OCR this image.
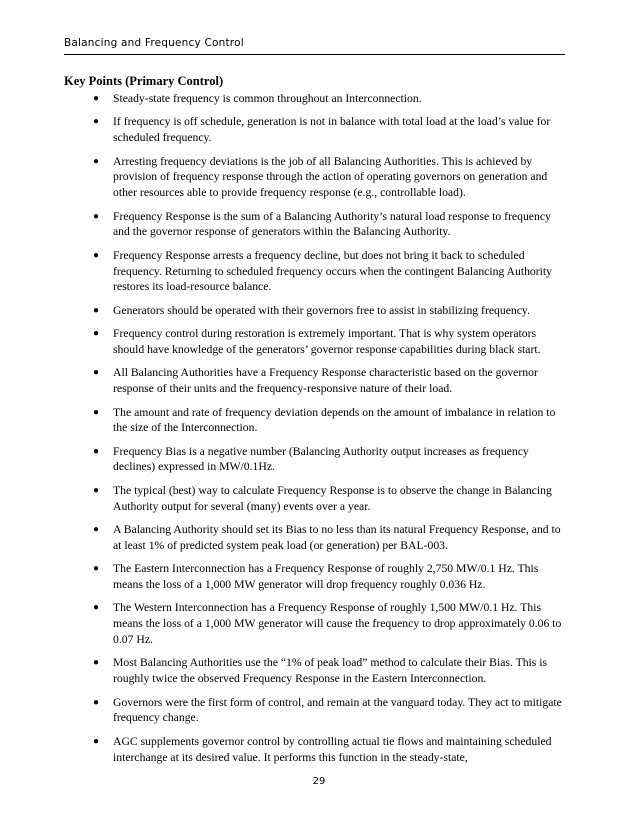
Balancing and Frequency Control
Key Points (Primary Control)
● Steady-state frequency is common throughout an Interconnection.
● If frequency is off schedule, generation is not in balance with total load at the load’s value for scheduled frequency.
● Arresting frequency deviations is the job of all Balancing Authorities. This is achieved by provision of frequency response through the action of operating governors on generation and other resources able to provide frequency response (e.g., controllable load).
● Frequency Response is the sum of a Balancing Authority’s natural load response to frequency and the governor response of generators within the Balancing Authority.
● Frequency Response arrests a frequency decline, but does not bring it back to scheduled frequency. Returning to scheduled frequency occurs when the contingent Balancing Authority restores its load-resource balance.
● Generators should be operated with their governors free to assist in stabilizing frequency.
● Frequency control during restoration is extremely important. That is why system operators should have knowledge of the generators’ governor response capabilities during black start.
● All Balancing Authorities have a Frequency Response characteristic based on the governor response of their units and the frequency-responsive nature of their load.
● The amount and rate of frequency deviation depends on the amount of imbalance in relation to the size of the Interconnection.
● Frequency Bias is a negative number (Balancing Authority output increases as frequency declines) expressed in MW/0.1Hz.
● The typical (best) way to calculate Frequency Response is to observe the change in Balancing Authority output for several (many) events over a year.
● A Balancing Authority should set its Bias to no less than its natural Frequency Response, and to at least 1% of predicted system peak load (or generation) per BAL-003.
● The Eastern Interconnection has a Frequency Response of roughly 2,750 MW/0.1 Hz. This means the loss of a 1,000 MW generator will drop frequency roughly 0.036 Hz.
● The Western Interconnection has a Frequency Response of roughly 1,500 MW/0.1 Hz. This means the loss of a 1,000 MW generator will cause the frequency to drop approximately 0.06 to 0.07 Hz.
● Most Balancing Authorities use the “1% of peak load” method to calculate their Bias. This is roughly twice the observed Frequency Response in the Eastern Interconnection.
● Governors were the first form of control, and remain at the vanguard today. They act to mitigate frequency change.
● AGC supplements governor control by controlling actual tie flows and maintaining scheduled interchange at its desired value. It performs this function in the steady-state,
29
